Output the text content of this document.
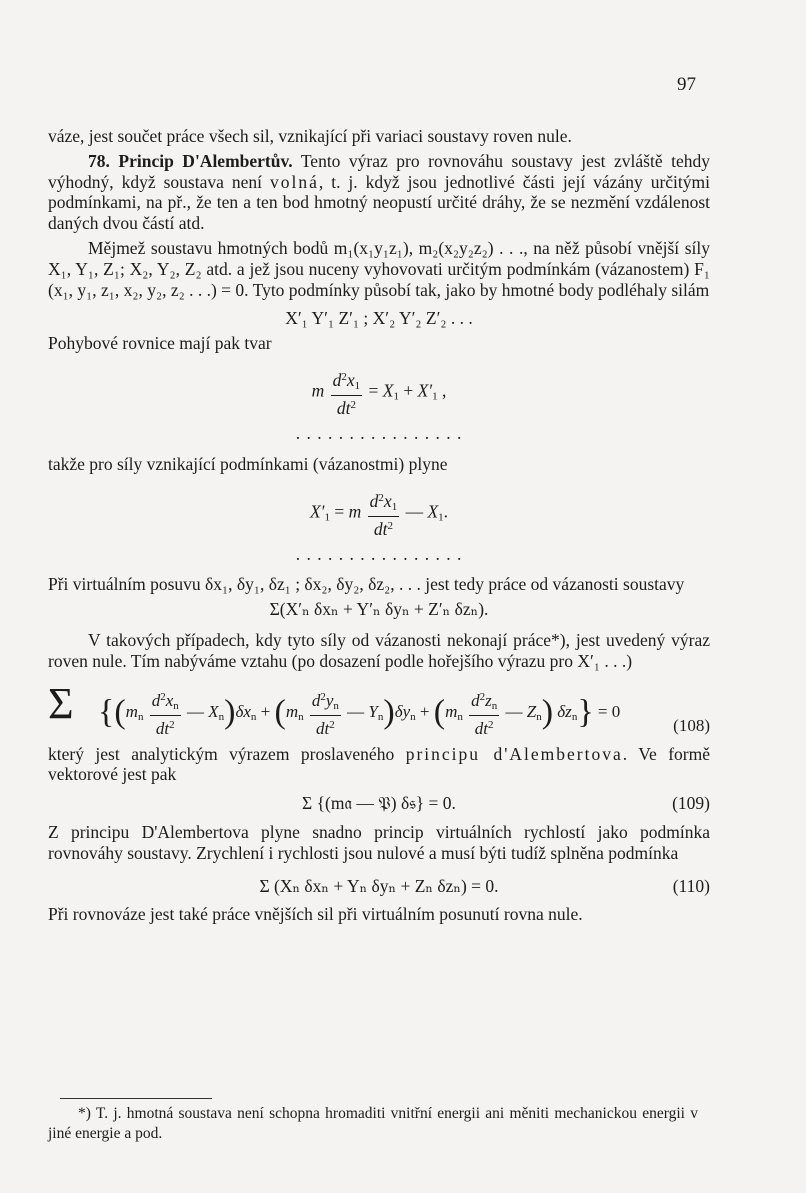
97

váze, jest součet práce všech sil, vznikající při variaci soustavy roven nule.

78. Princip D'Alembertův. Tento výraz pro rovnováhu soustavy jest zvláště tehdy výhodný, když soustava není volná, t. j. když jsou jednotlivé části její vázány určitými podmínkami, na př., že ten a ten bod hmotný neopustí určité dráhy, že se nezmění vzdálenost daných dvou částí atd.

Mějmež soustavu hmotných bodů m₁(x₁y₁z₁), m₂(x₂y₂z₂) . . ., na něž působí vnější síly X₁, Y₁, Z₁; X₂, Y₂, Z₂ atd. a jež jsou nuceny vyhovovati určitým podmínkám (vázanostem) F₁ (x₁, y₁, z₁, x₂, y₂, z₂ . . .) = 0. Tyto podmínky působí tak, jako by hmotné body podléhaly silám

X′₁ Y′₁ Z′₁ ; X′₂ Y′₂ Z′₂ . . .

Pohybové rovnice mají pak tvar

m $\frac{d^2x_1}{dt^2} = X_1 + X'_1$ ,
. . . . . . . . . . . . . . . .

takže pro síly vznikající podmínkami (vázanostmi) plyne

$X'_1 = m \frac{d^2x_1}{dt^2}$ — $X_1$.
. . . . . . . . . . . . . . . .

Při virtuálním posuvu δx₁, δy₁, δz₁ ; δx₂, δy₂, δz₂, . . . jest tedy práce od vázanosti soustavy

Σ(X′ₙ δxₙ + Y′ₙ δyₙ + Z′ₙ δzₙ).

V takových případech, kdy tyto síly od vázanosti nekonají práce*), jest uvedený výraz roven nule. Tím nabýváme vztahu (po dosazení podle hořejšího výrazu pro X′₁ . . .)

Σ {($m_n \frac{d^2x_n}{dt^2}$ — $X_n)\delta x_n + (m_n \frac{d^2y_n}{dt^2}$ — $Y_n)\delta y_n + (m_n \frac{d^2z_n}{dt^2}$ — $Z_n$) $\delta z_n\} = 0$
(108)

který jest analytickým výrazem proslaveného principu d'Alembertova. Ve formě vektorové jest pak

Σ {(m𝔞 — 𝔓) δ𝔰} = 0.	(109)

Z principu D'Alembertova plyne snadno princip virtuálních rychlostí jako podmínka rovnováhy soustavy. Zrychlení i rychlosti jsou nulové a musí býti tudíž splněna podmínka

Σ (Xₙ δxₙ + Yₙ δyₙ + Zₙ δzₙ) = 0.	(110)

Při rovnováze jest také práce vnějších sil při virtuálním posunutí rovna nule.

*) T. j. hmotná soustava není schopna hromaditi vnitřní energii ani měniti mechanickou energii v jiné energie a pod.
